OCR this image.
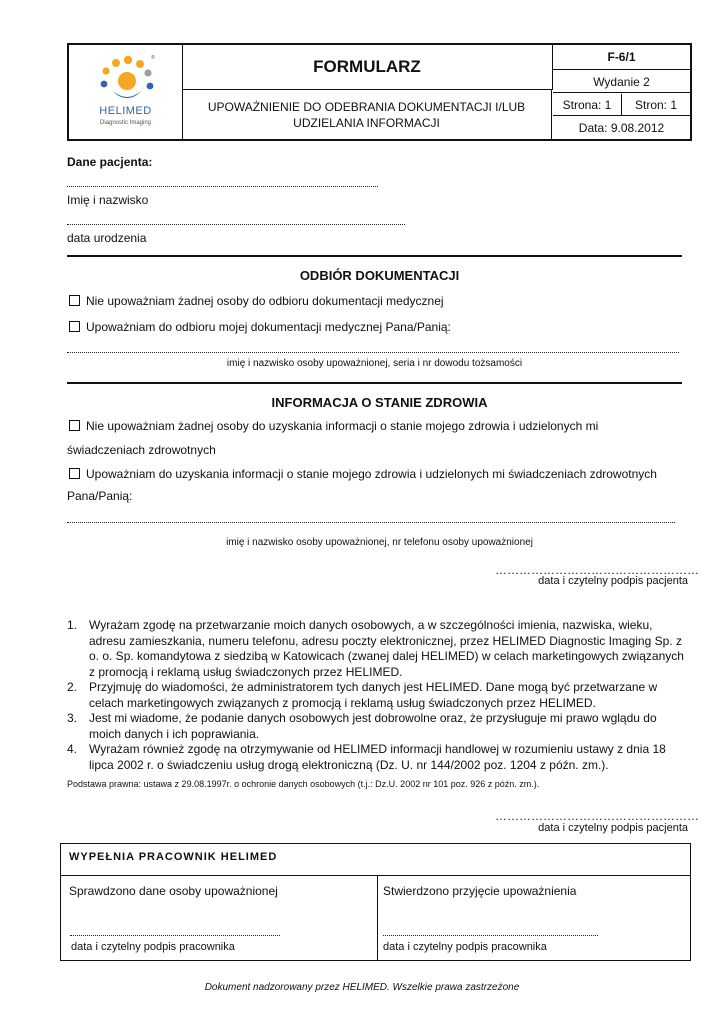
®
HELIMED
Diagnostic Imaging
FORMULARZ
UPOWAŻNIENIE DO ODEBRANIA DOKUMENTACJI I/LUB UDZIELANIA INFORMACJI
F-6/1
Wydanie 2
Strona: 1	Stron: 1
Data: 9.08.2012
Dane pacjenta:
Imię i nazwisko
data urodzenia
ODBIÓR DOKUMENTACJI
Nie upoważniam żadnej osoby do odbioru dokumentacji medycznej
Upoważniam do odbioru mojej dokumentacji medycznej Pana/Panią:
imię i nazwisko osoby upoważnionej, seria i nr dowodu tożsamości
INFORMACJA O STANIE ZDROWIA
Nie upoważniam żadnej osoby do uzyskania informacji o stanie mojego zdrowia i udzielonych mi
świadczeniach zdrowotnych
Upoważniam do uzyskania informacji o stanie mojego zdrowia i udzielonych mi świadczeniach zdrowotnych
Pana/Panią:
imię i nazwisko osoby upoważnionej, nr telefonu osoby upoważnionej
……………………………………………
data i czytelny podpis pacjenta
1. Wyrażam zgodę na przetwarzanie moich danych osobowych, a w szczególności imienia, nazwiska, wieku, adresu zamieszkania, numeru telefonu, adresu poczty elektronicznej, przez HELIMED Diagnostic Imaging Sp. z o. o. Sp. komandytowa z siedzibą w Katowicach (zwanej dalej HELIMED) w celach marketingowych związanych z promocją i reklamą usług świadczonych przez HELIMED.
2. Przyjmuję do wiadomości, że administratorem tych danych jest HELIMED. Dane mogą być przetwarzane w celach marketingowych związanych z promocją i reklamą usług świadczonych przez HELIMED.
3. Jest mi wiadome, że podanie danych osobowych jest dobrowolne oraz, że przysługuje mi prawo wglądu do moich danych i ich poprawiania.
4. Wyrażam również zgodę na otrzymywanie od HELIMED informacji handlowej w rozumieniu ustawy z dnia 18 lipca 2002 r. o świadczeniu usług drogą elektroniczną (Dz. U. nr 144/2002 poz. 1204 z późn. zm.).
Podstawa prawna: ustawa z 29.08.1997r. o ochronie danych osobowych (t.j.: Dz.U. 2002 nr 101 poz. 926 z późn. zm.).
……………………………………………
data i czytelny podpis pacjenta
WYPEŁNIA PRACOWNIK HELIMED
Sprawdzono dane osoby upoważnionej	Stwierdzono przyjęcie upoważnienia
data i czytelny podpis pracownika	data i czytelny podpis pracownika
Dokument nadzorowany przez HELIMED. Wszelkie prawa zastrzeżone
